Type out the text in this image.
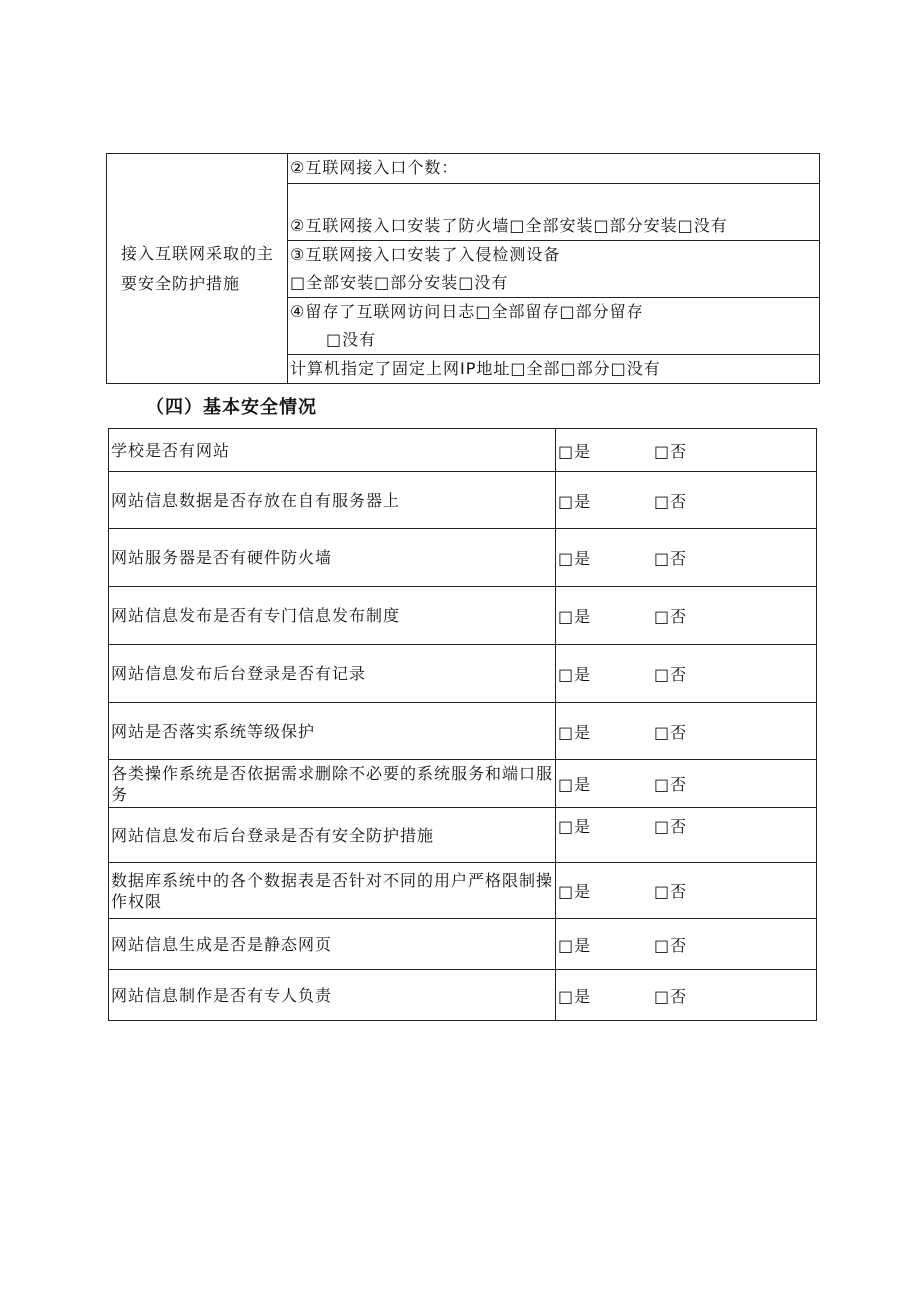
接入互联网采取的主要安全防护措施	
②互联网接入口个数：

②互联网接入口安装了防火墙□全部安装□部分安装□没有

③互联网接入口安装了入侵检测设备
□全部安装□部分安装□没有

④留存了互联网访问日志□全部留存□部分留存
□没有

计算机指定了固定上网IP地址□全部□部分□没有
（四）基本安全情况
学校是否有网站	□是 □否
网站信息数据是否存放在自有服务器上	□是 □否
网站服务器是否有硬件防火墙	□是 □否
网站信息发布是否有专门信息发布制度	□是 □否
网站信息发布后台登录是否有记录	□是 □否
网站是否落实系统等级保护	□是 □否
各类操作系统是否依据需求删除不必要的系统服务和端口服务	□是 □否
网站信息发布后台登录是否有安全防护措施	□是 □否
数据库系统中的各个数据表是否针对不同的用户严格限制操作权限	□是 □否
网站信息生成是否是静态网页	□是 □否
网站信息制作是否有专人负责	□是 □否
